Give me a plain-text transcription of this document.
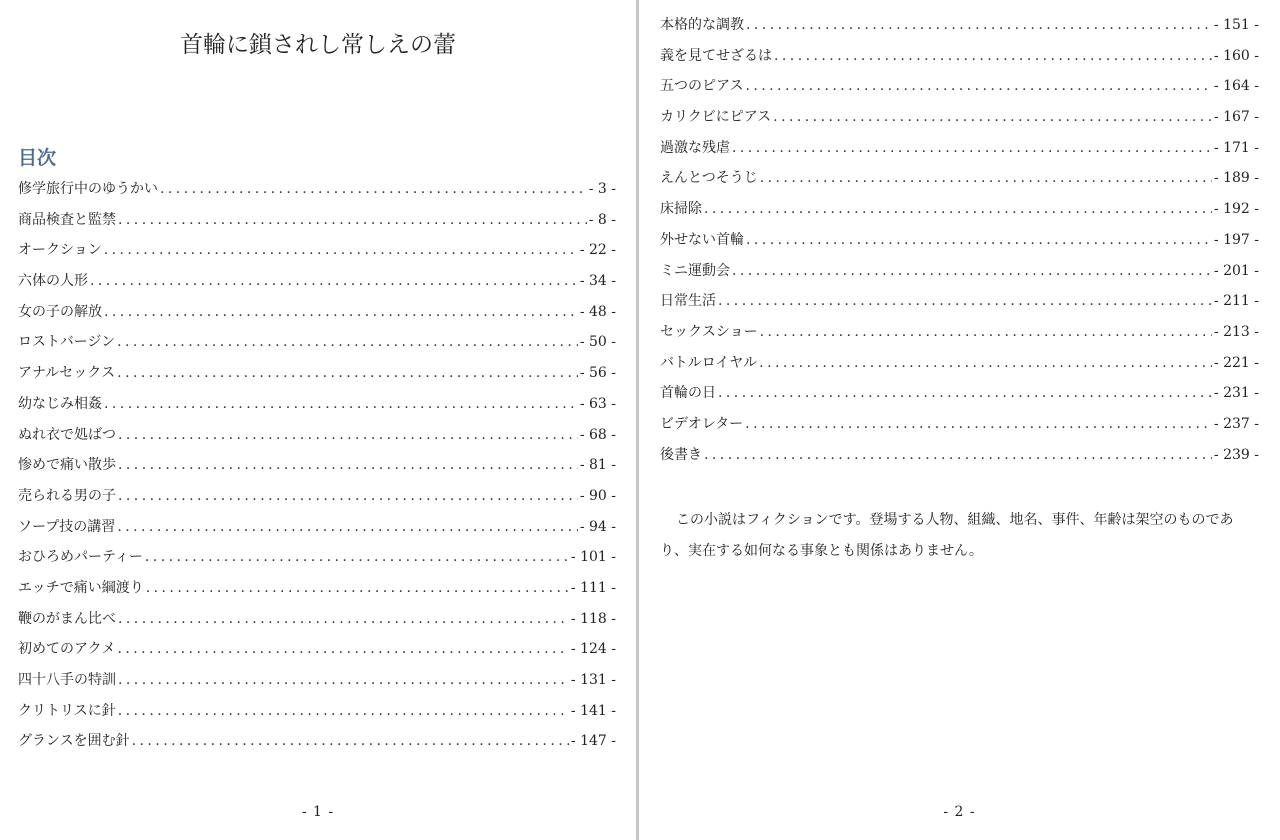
首輪に鎖されし常しえの蕾
目次
修学旅行中のゆうかい . . .	- 3 -
商品検査と監禁 . . .	- 8 -
オークション . . .	- 22 -
六体の人形 . . .	- 34 -
女の子の解放 . . .	- 48 -
ロストバージン . . .	- 50 -
アナルセックス . . .	- 56 -
幼なじみ相姦 . . .	- 63 -
ぬれ衣で処ばつ . . .	- 68 -
惨めで痛い散歩 . . .	- 81 -
売られる男の子 . . .	- 90 -
ソープ技の講習 . . .	- 94 -
おひろめパーティー . . .	- 101 -
エッチで痛い綱渡り . . .	- 111 -
鞭のがまん比べ . . .	- 118 -
初めてのアクメ . . .	- 124 -
四十八手の特訓 . . .	- 131 -
クリトリスに針 . . .	- 141 -
グランスを囲む針 . . .	- 147 -
- 1 -
本格的な調教 . . .	- 151 -
義を見てせざるは . . .	- 160 -
五つのピアス . . .	- 164 -
カリクビにピアス . . .	- 167 -
過激な残虐 . . .	- 171 -
えんとつそうじ . . .	- 189 -
床掃除 . . .	- 192 -
外せない首輪 . . .	- 197 -
ミニ運動会 . . .	- 201 -
日常生活 . . .	- 211 -
セックスショー . . .	- 213 -
バトルロイヤル . . .	- 221 -
首輪の日 . . .	- 231 -
ビデオレター . . .	- 237 -
後書き . . .	- 239 -
この小説はフィクションです。登場する人物、組織、地名、事件、年齢は架空のものであり、実在する如何なる事象とも関係はありません。
- 2 -
